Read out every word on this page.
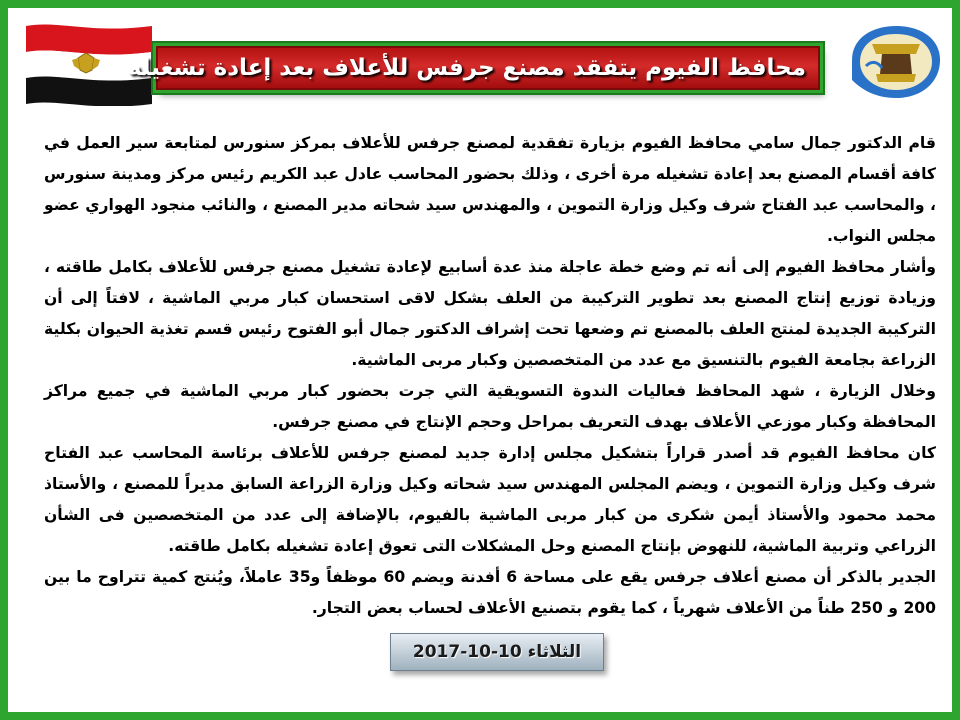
محافظ الفيوم يتفقد مصنع جرفس للأعلاف بعد إعادة تشغيله

قام الدكتور جمال سامي محافظ الفيوم بزيارة تفقدية لمصنع جرفس للأعلاف بمركز سنورس لمتابعة سير العمل في كافة أقسام المصنع بعد إعادة تشغيله مرة أخرى ، وذلك بحضور المحاسب عادل عبد الكريم رئيس مركز ومدينة سنورس ، والمحاسب عبد الفتاح شرف وكيل وزارة التموين ، والمهندس سيد شحاته مدير المصنع ، والنائب منجود الهواري عضو مجلس النواب.

وأشار محافظ الفيوم إلى أنه تم وضع خطة عاجلة منذ عدة أسابيع لإعادة تشغيل مصنع جرفس للأعلاف بكامل طاقته ، وزيادة توزيع إنتاج المصنع بعد تطوير التركيبة من العلف بشكل لاقى استحسان كبار مربي الماشية ، لافتاً إلى أن التركيبة الجديدة لمنتج العلف بالمصنع تم وضعها تحت إشراف الدكتور جمال أبو الفتوح رئيس قسم تغذية الحيوان بكلية الزراعة بجامعة الفيوم بالتنسيق مع عدد من المتخصصين وكبار مربى الماشية.

وخلال الزيارة ، شهد المحافظ فعاليات الندوة التسويقية التي جرت بحضور كبار مربي الماشية في جميع مراكز المحافظة وكبار موزعي الأعلاف بهدف التعريف بمراحل وحجم الإنتاج في مصنع جرفس.

كان محافظ الفيوم قد أصدر قراراً بتشكيل مجلس إدارة جديد لمصنع جرفس للأعلاف برئاسة المحاسب عبد الفتاح شرف وكيل وزارة التموين ، ويضم المجلس المهندس سيد شحاته وكيل وزارة الزراعة السابق مديراً للمصنع ، والأستاذ محمد محمود والأستاذ أيمن شكرى من كبار مربى الماشية بالفيوم، بالإضافة إلى عدد من المتخصصين فى الشأن الزراعي وتربية الماشية، للنهوض بإنتاج المصنع وحل المشكلات التى تعوق إعادة تشغيله بكامل طاقته.

الجدير بالذكر أن مصنع أعلاف جرفس يقع على مساحة 6 أفدنة ويضم 60 موظفاً و35 عاملاً، ويُنتج كمية تتراوح ما بين 200 و 250 طناً من الأعلاف شهرياً ، كما يقوم بتصنيع الأعلاف لحساب بعض التجار.

الثلاثاء 10-10-2017
